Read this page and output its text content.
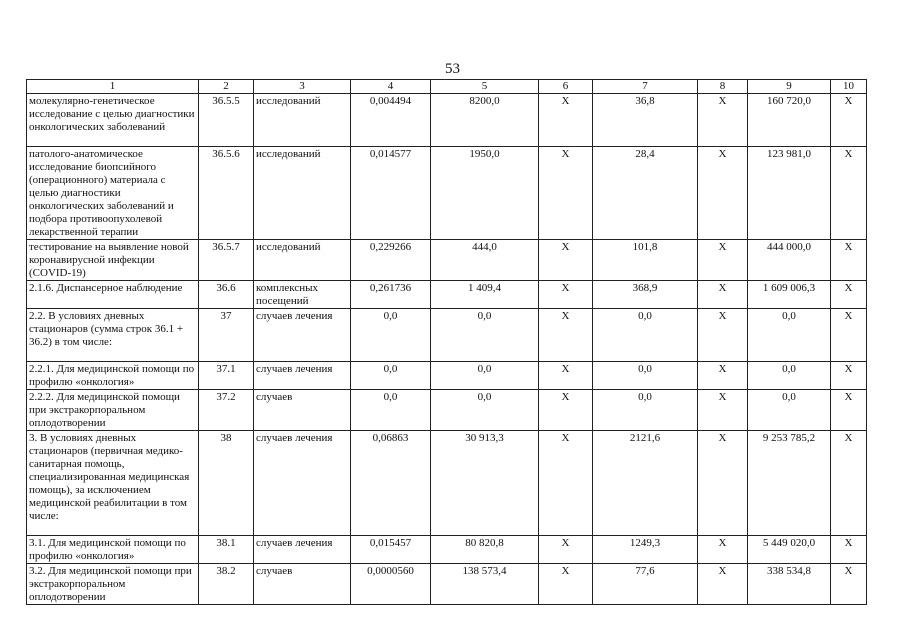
53
1	2	3	4	5	6	7	8	9	10
молекулярно-генетическое исследование с целью диагностики онкологических заболеваний	36.5.5	исследований	0,004494	8200,0	X	36,8	X	160 720,0	X
патолого-анатомическое исследование биопсийного (операционного) материала с целью диагностики онкологических заболеваний и подбора противоопухолевой лекарственной терапии	36.5.6	исследований	0,014577	1950,0	X	28,4	X	123 981,0	X
тестирование на выявление новой коронавирусной инфекции (COVID-19)	36.5.7	исследований	0,229266	444,0	X	101,8	X	444 000,0	X
2.1.6. Диспансерное наблюдение	36.6	комплексных посещений	0,261736	1 409,4	X	368,9	X	1 609 006,3	X
2.2. В условиях дневных стационаров (сумма строк 36.1 + 36.2) в том числе:	37	случаев лечения	0,0	0,0	X	0,0	X	0,0	X
2.2.1. Для медицинской помощи по профилю «онкология»	37.1	случаев лечения	0,0	0,0	X	0,0	X	0,0	X
2.2.2. Для медицинской помощи при экстракорпоральном оплодотворении	37.2	случаев	0,0	0,0	X	0,0	X	0,0	X
3. В условиях дневных стационаров (первичная медико-санитарная помощь, специализированная медицинская помощь), за исключением медицинской реабилитации в том числе:	38	случаев лечения	0,06863	30 913,3	X	2121,6	X	9 253 785,2	X
3.1. Для медицинской помощи по профилю «онкология»	38.1	случаев лечения	0,015457	80 820,8	X	1249,3	X	5 449 020,0	X
3.2. Для медицинской помощи при экстракорпоральном оплодотворении	38.2	случаев	0,0000560	138 573,4	X	77,6	X	338 534,8	X
